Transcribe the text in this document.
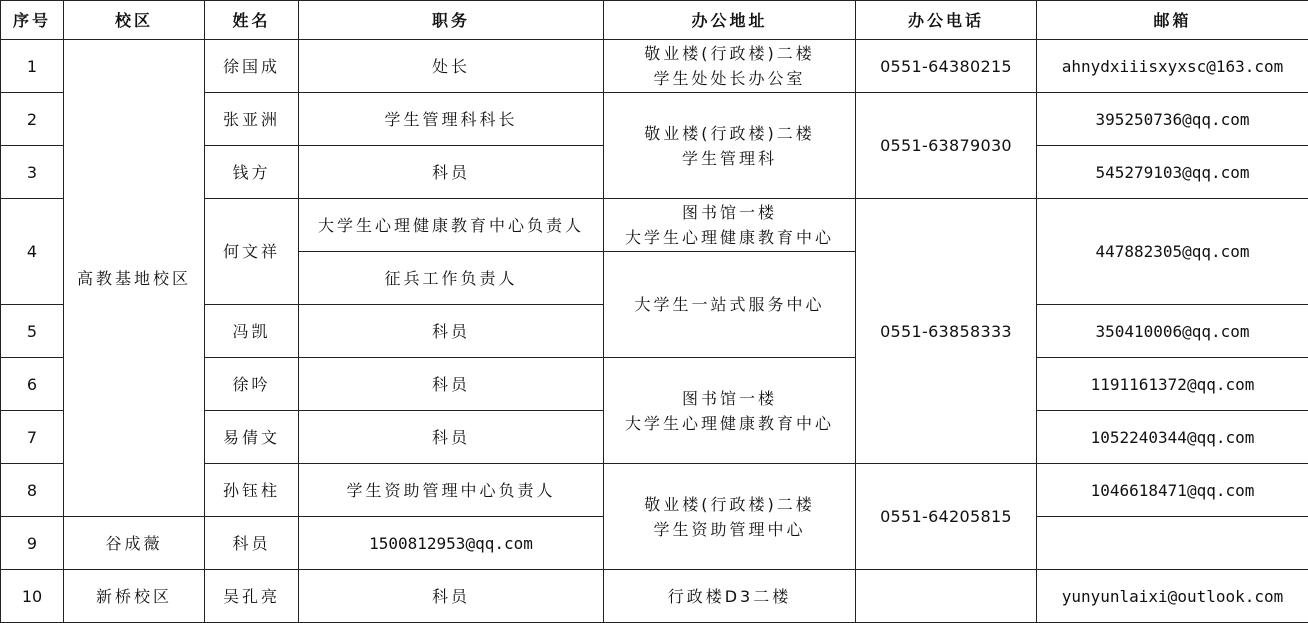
序号	校区	姓名	职务	办公地址	办公电话	邮箱
1	高教基地校区	徐国成	处长	敬业楼(行政楼)二楼
学生处处长办公室	0551-64380215	ahnydxiiisxyxsc@163.com
2		张亚洲	学生管理科科长	敬业楼(行政楼)二楼
学生管理科	0551-63879030	395250736@qq.com
3		钱方	科员			545279103@qq.com
4		何文祥	大学生心理健康教育中心负责人	图书馆一楼
大学生心理健康教育中心	0551-63858333	447882305@qq.com
			征兵工作负责人	大学生一站式服务中心		

5		冯凯	科员			350410006@qq.com
6		徐吟	科员	图书馆一楼
大学生心理健康教育中心		1191161372@qq.com
7		易倩文	科员			1052240344@qq.com
8		孙钰柱	学生资助管理中心负责人	敬业楼(行政楼)二楼
学生资助管理中心	0551-64205815	1046618471@qq.com
9	谷成薇	科员	1500812953@qq.com			
10	新桥校区	吴孔亮	科员	行政楼D3二楼		yunyunlaixi@outlook.com
